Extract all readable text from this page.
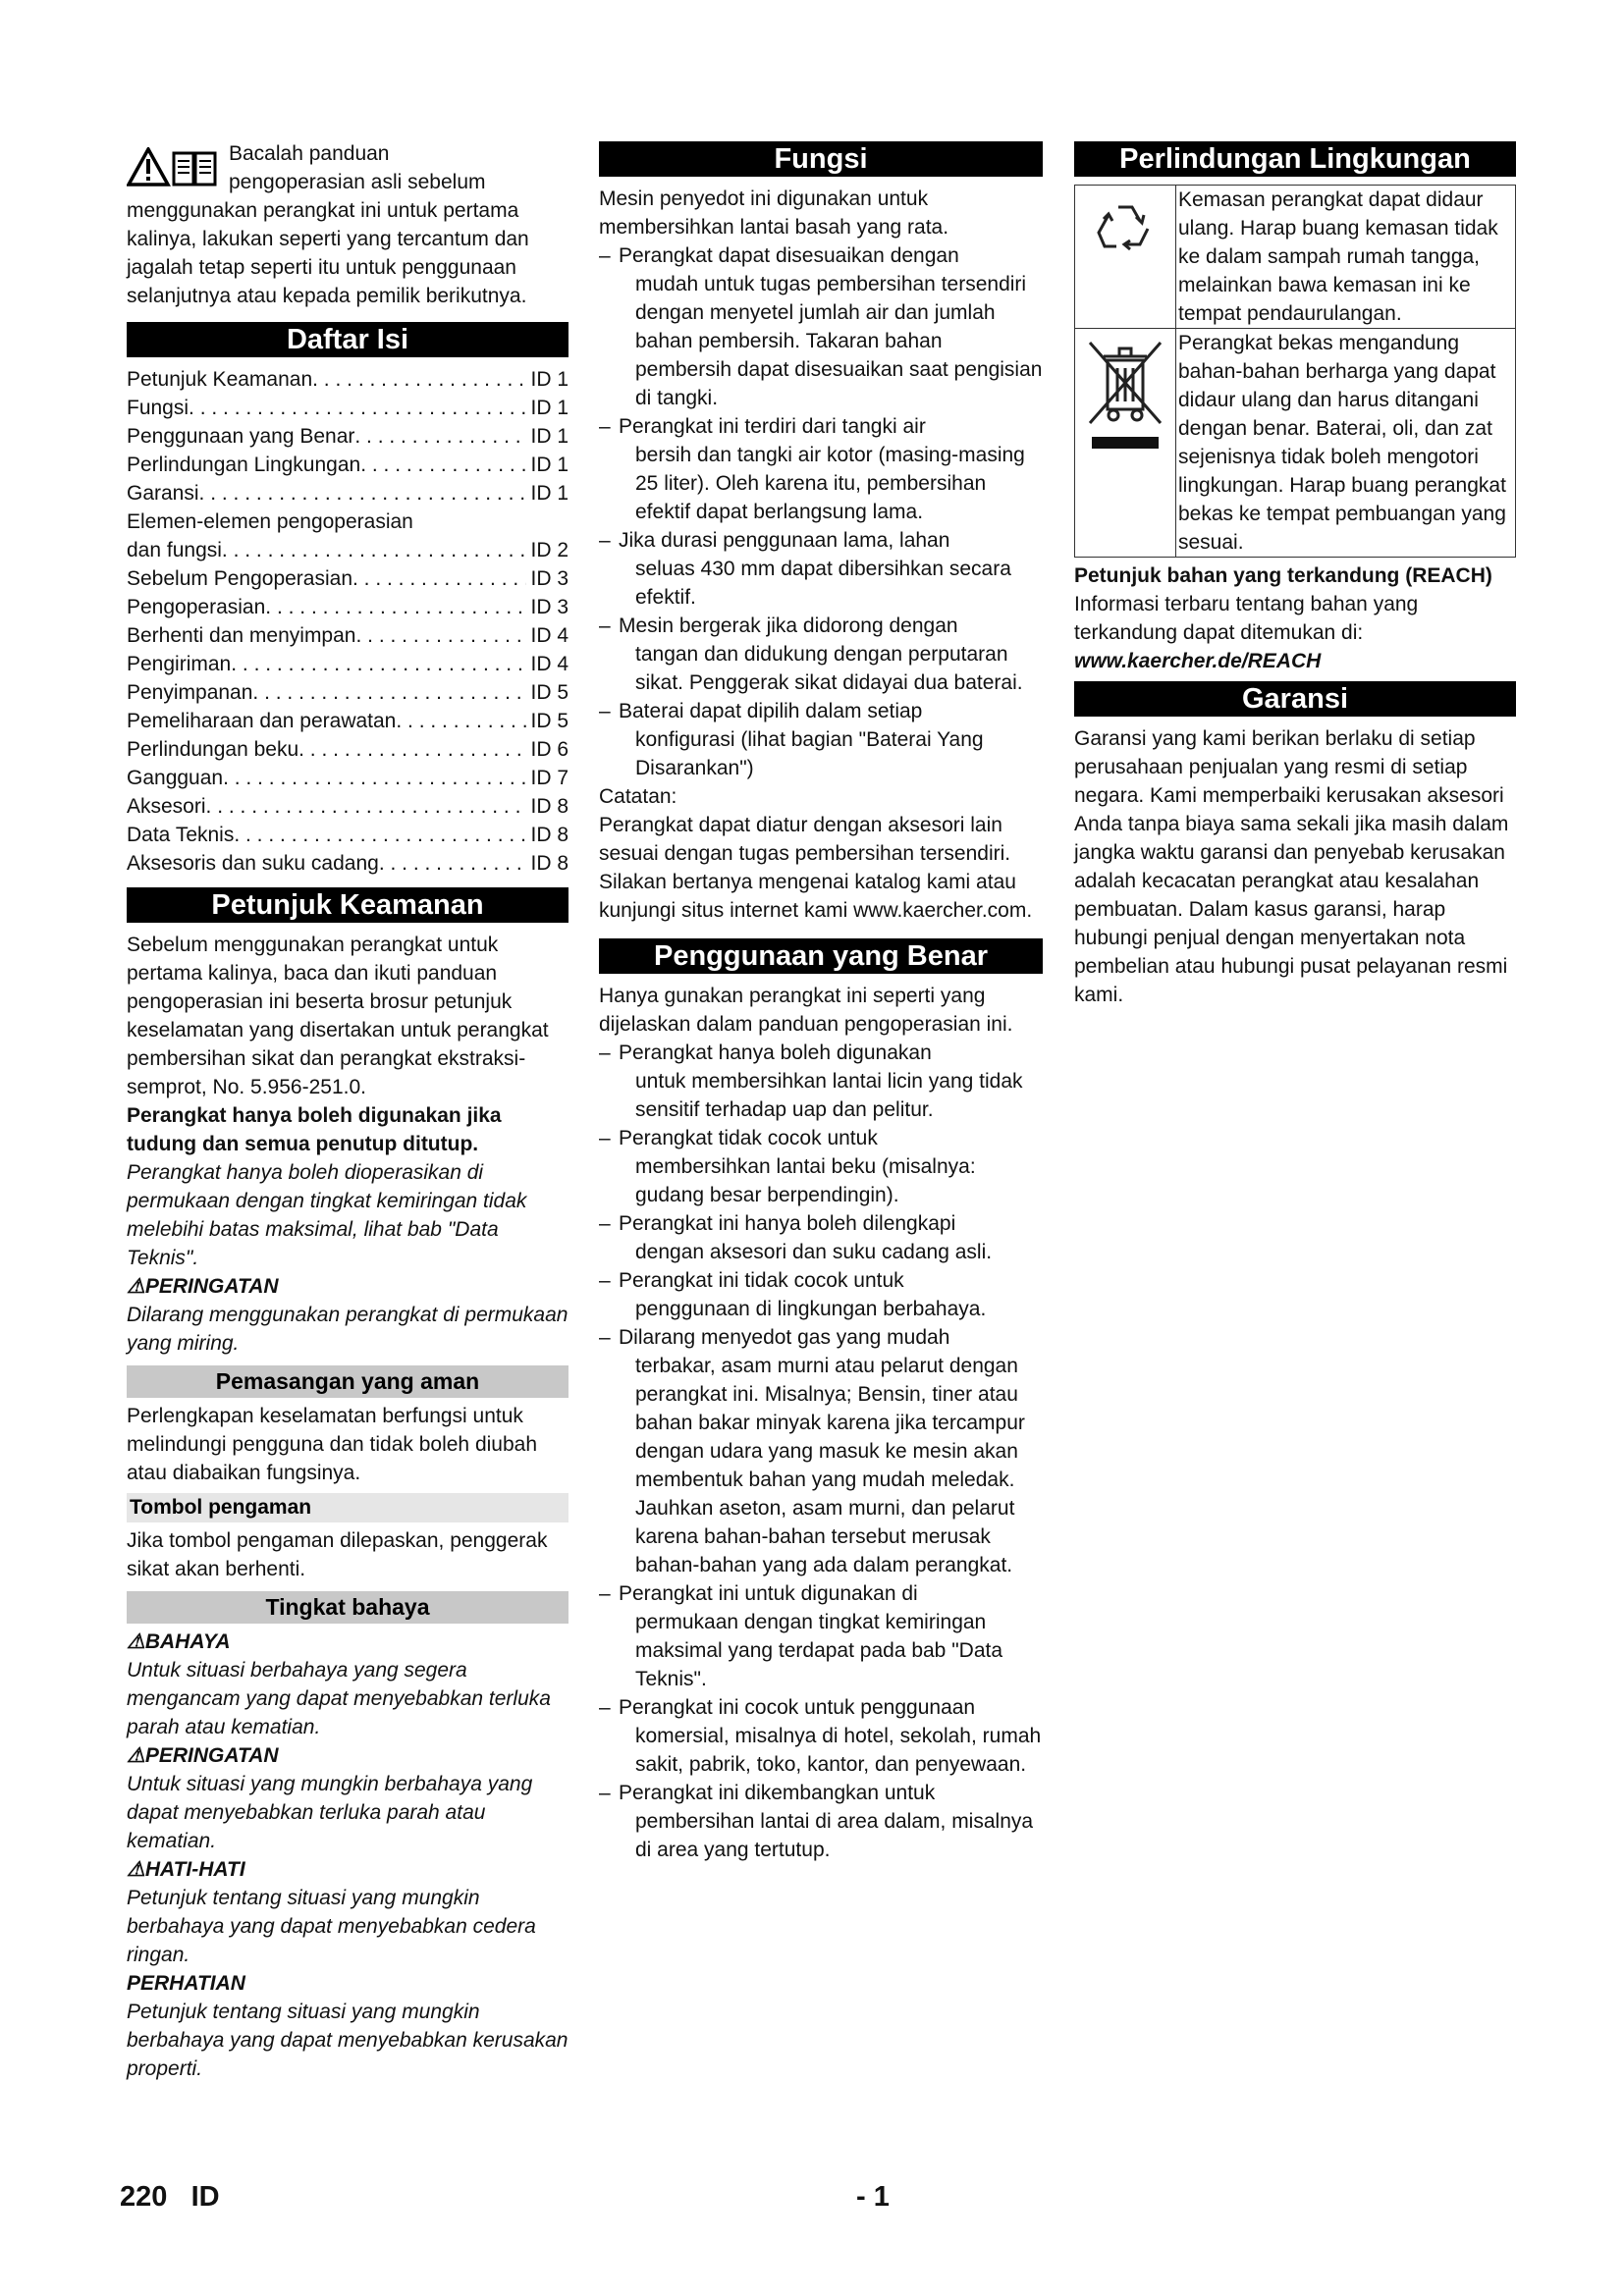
Bacalah panduan

pengoperasian asli sebelum

menggunakan perangkat ini untuk pertama kalinya, lakukan seperti yang tercantum dan jagalah tetap seperti itu untuk penggunaan selanjutnya atau kepada pemilik berikutnya.

Daftar Isi
Petunjuk Keamanan . . .	ID 1
Fungsi . . .	ID 1
Penggunaan yang Benar . . .	ID 1
Perlindungan Lingkungan . . .	ID 1
Garansi . . .	ID 1
Elemen-elemen pengoperasian
dan fungsi . . .	ID 2
Sebelum Pengoperasian . . .	ID 3
Pengoperasian . . .	ID 3
Berhenti dan menyimpan . . .	ID 4
Pengiriman . . .	ID 4
Penyimpanan . . .	ID 5
Pemeliharaan dan perawatan . . .	ID 5
Perlindungan beku . . .	ID 6
Gangguan . . .	ID 7
Aksesori . . .	ID 8
Data Teknis . . .	ID 8
Aksesoris dan suku cadang . . .	ID 8
Petunjuk Keamanan

Sebelum menggunakan perangkat untuk pertama kalinya, baca dan ikuti panduan pengoperasian ini beserta brosur petunjuk keselamatan yang disertakan untuk perangkat pembersihan sikat dan perangkat ekstraksi-semprot, No. 5.956-251.0.

Perangkat hanya boleh digunakan jika tudung dan semua penutup ditutup.

Perangkat hanya boleh dioperasikan di permukaan dengan tingkat kemiringan tidak melebihi batas maksimal, lihat bab "Data Teknis".

⚠PERINGATAN

Dilarang menggunakan perangkat di permukaan yang miring.

Pemasangan yang aman

Perlengkapan keselamatan berfungsi untuk melindungi pengguna dan tidak boleh diubah atau diabaikan fungsinya.

Tombol pengaman

Jika tombol pengaman dilepaskan, penggerak sikat akan berhenti.

Tingkat bahaya

⚠BAHAYA

Untuk situasi berbahaya yang segera mengancam yang dapat menyebabkan terluka parah atau kematian.

⚠PERINGATAN

Untuk situasi yang mungkin berbahaya yang dapat menyebabkan terluka parah atau kematian.

⚠HATI-HATI

Petunjuk tentang situasi yang mungkin berbahaya yang dapat menyebabkan cedera ringan.

PERHATIAN

Petunjuk tentang situasi yang mungkin berbahaya yang dapat menyebabkan kerusakan properti.

Fungsi

Mesin penyedot ini digunakan untuk membersihkan lantai basah yang rata.

– Perangkat dapat disesuaikan dengan
mudah untuk tugas pembersihan tersendiri dengan menyetel jumlah air dan jumlah bahan pembersih. Takaran bahan pembersih dapat disesuaikan saat pengisian di tangki.
– Perangkat ini terdiri dari tangki air
bersih dan tangki air kotor (masing-masing 25 liter). Oleh karena itu, pembersihan efektif dapat berlangsung lama.
– Jika durasi penggunaan lama, lahan
seluas 430 mm dapat dibersihkan secara efektif.
– Mesin bergerak jika didorong dengan
tangan dan didukung dengan perputaran sikat. Penggerak sikat didayai dua baterai.
– Baterai dapat dipilih dalam setiap
konfigurasi (lihat bagian "Baterai Yang Disarankan")

Catatan:

Perangkat dapat diatur dengan aksesori lain sesuai dengan tugas pembersihan tersendiri.

Silakan bertanya mengenai katalog kami atau kunjungi situs internet kami www.kaercher.com.

Penggunaan yang Benar

Hanya gunakan perangkat ini seperti yang dijelaskan dalam panduan pengoperasian ini.

– Perangkat hanya boleh digunakan
untuk membersihkan lantai licin yang tidak sensitif terhadap uap dan pelitur.
– Perangkat tidak cocok untuk
membersihkan lantai beku (misalnya: gudang besar berpendingin).
– Perangkat ini hanya boleh dilengkapi
dengan aksesori dan suku cadang asli.
– Perangkat ini tidak cocok untuk
penggunaan di lingkungan berbahaya.
– Dilarang menyedot gas yang mudah
terbakar, asam murni atau pelarut dengan perangkat ini. Misalnya; Bensin, tiner atau bahan bakar minyak karena jika tercampur dengan udara yang masuk ke mesin akan membentuk bahan yang mudah meledak. Jauhkan aseton, asam murni, dan pelarut karena bahan-bahan tersebut merusak bahan-bahan yang ada dalam perangkat.
– Perangkat ini untuk digunakan di
permukaan dengan tingkat kemiringan maksimal yang terdapat pada bab "Data Teknis".
– Perangkat ini cocok untuk penggunaan
komersial, misalnya di hotel, sekolah, rumah sakit, pabrik, toko, kantor, dan penyewaan.
– Perangkat ini dikembangkan untuk
pembersihan lantai di area dalam, misalnya di area yang tertutup.
Perlindungan Lingkungan
	Kemasan perangkat dapat didaur ulang. Harap buang kemasan tidak ke dalam sampah rumah tangga, melainkan bawa kemasan ini ke tempat pendaurulangan.
	Perangkat bekas mengandung bahan-bahan berharga yang dapat didaur ulang dan harus ditangani dengan benar. Baterai, oli, dan zat sejenisnya tidak boleh mengotori lingkungan. Harap buang perangkat bekas ke tempat pembuangan yang sesuai.

Petunjuk bahan yang terkandung (REACH)

Informasi terbaru tentang bahan yang terkandung dapat ditemukan di:

www.kaercher.de/REACH

Garansi

Garansi yang kami berikan berlaku di setiap perusahaan penjualan yang resmi di setiap negara. Kami memperbaiki kerusakan aksesori Anda tanpa biaya sama sekali jika masih dalam jangka waktu garansi dan penyebab kerusakan adalah kecacatan perangkat atau kesalahan pembuatan. Dalam kasus garansi, harap hubungi penjual dengan menyertakan nota pembelian atau hubungi pusat pelayanan resmi kami.

220 ID	- 1
